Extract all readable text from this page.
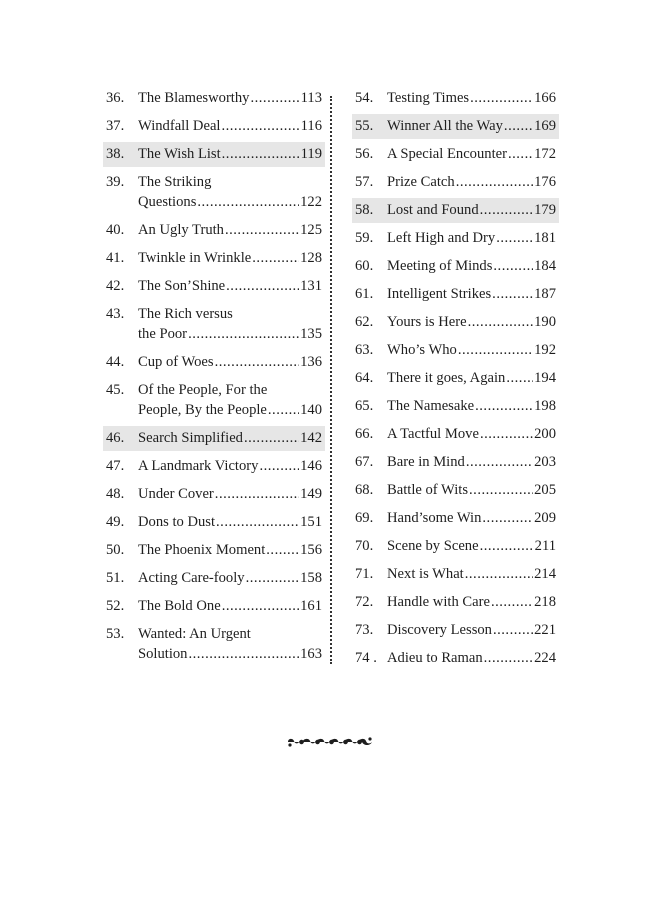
36. The Blamesworthy .....	113
37. Windfall Deal .....	116
38. The Wish List .....	119
39. The Striking
Questions .....	122
40. An Ugly Truth .....	125
41. Twinkle in Wrinkle .....	128
42. The Son’Shine .....	131
43. The Rich versus
the Poor .....	135
44. Cup of Woes .....	136
45. Of the People, For the
People, By the People ..... 140
46. Search Simplified .....	142
47. A Landmark Victory .....	146
48. Under Cover .....	149
49. Dons to Dust .....	151
50. The Phoenix Moment ..... 156
51. Acting Care-fooly .....	158
52. The Bold One .....	161
53. Wanted: An Urgent
Solution .....	163
54. Testing Times .....	166
55. Winner All the Way ..... 169
56. A Special Encounter ..... 172
57. Prize Catch .....	176
58. Lost and Found .....	179
59. Left High and Dry .....	181
60. Meeting of Minds .....	184
61. Intelligent Strikes .....	187
62. Yours is Here .....	190
63. Who’s Who .....	192
64. There it goes, Again ..... 194
65. The Namesake .....	198
66. A Tactful Move .....	200
67. Bare in Mind .....	203
68. Battle of Wits .....	205
69. Hand’some Win .....	209
70. Scene by Scene .....	211
71. Next is What .....	214
72. Handle with Care .....	218
73. Discovery Lesson .....	221
74 . Adieu to Raman .....	224
